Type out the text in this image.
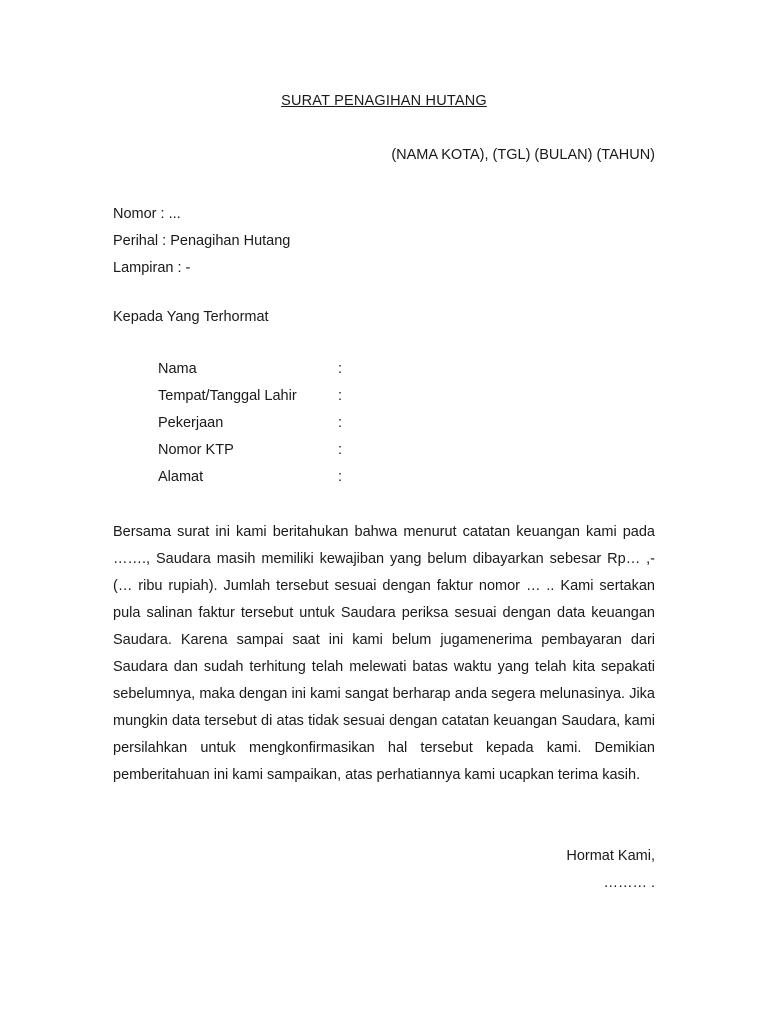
SURAT PENAGIHAN HUTANG
(NAMA KOTA), (TGL) (BULAN) (TAHUN)
Nomor : ...
Perihal : Penagihan Hutang
Lampiran : -
Kepada Yang Terhormat
Nama	:
Tempat/Tanggal Lahir	:
Pekerjaan	:
Nomor KTP	:
Alamat	:

Bersama surat ini kami beritahukan bahwa menurut catatan keuangan kami pada ……., Saudara masih memiliki kewajiban yang belum dibayarkan sebesar Rp… ,- (… ribu rupiah). Jumlah tersebut sesuai dengan faktur nomor … .. Kami sertakan pula salinan faktur tersebut untuk Saudara periksa sesuai dengan data keuangan Saudara. Karena sampai saat ini kami belum jugamenerima pembayaran dari Saudara dan sudah terhitung telah melewati batas waktu yang telah kita sepakati sebelumnya, maka dengan ini kami sangat berharap anda segera melunasinya. Jika mungkin data tersebut di atas tidak sesuai dengan catatan keuangan Saudara, kami persilahkan untuk mengkonfirmasikan hal tersebut kepada kami. Demikian pemberitahuan ini kami sampaikan, atas perhatiannya kami ucapkan terima kasih.

Hormat Kami,
……… .
